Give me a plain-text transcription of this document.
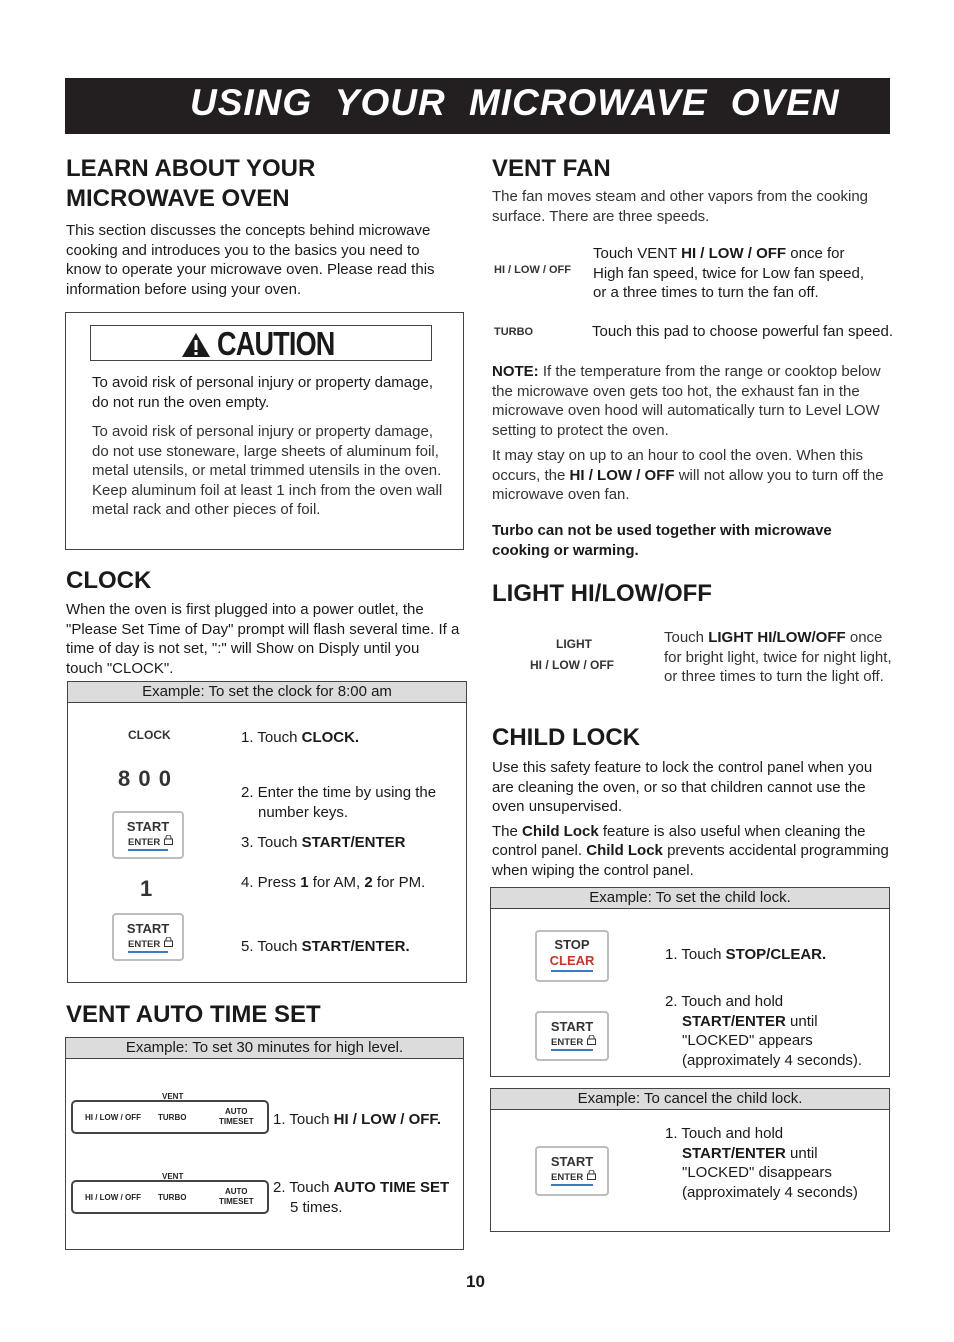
USING YOUR MICROWAVE OVEN
LEARN ABOUT YOUR
MICROWAVE OVEN

This section discusses the concepts behind microwave cooking and introduces you to the basics you need to know to operate your microwave oven. Please read this information before using your oven.

CAUTION

To avoid risk of personal injury or property damage, do not run the oven empty.

To avoid risk of personal injury or property damage, do not use stoneware, large sheets of aluminum foil, metal utensils, or metal trimmed utensils in the oven. Keep aluminum foil at least 1 inch from the oven wall metal rack and other pieces of foil.

CLOCK

When the oven is first plugged into a power outlet, the "Please Set Time of Day" prompt will flash several time. If a time of day is not set, ":" will Show on Disply until you touch "CLOCK".

Example: To set the clock for 8:00 am
CLOCK
8 0 0
START
ENTER
1
START
ENTER
1. Touch CLOCK.
2. Enter the time by using the
number keys.
3. Touch START/ENTER
4. Press 1 for AM, 2 for PM.
5. Touch START/ENTER.
VENT AUTO TIME SET
Example: To set 30 minutes for high level.
VENT
HI / LOW / OFF TURBO
AUTO
TIMESET 1. Touch HI / LOW / OFF.
VENT
HI / LOW / OFF TURBO
AUTO
TIMESET
2. Touch AUTO TIME SET
5 times.
VENT FAN

The fan moves steam and other vapors from the cooking surface. There are three speeds.

HI / LOW / OFF
Touch VENT HI / LOW / OFF once for
High fan speed, twice for Low fan speed,
or a three times to turn the fan off.
TURBO	Touch this pad to choose powerful fan speed.

NOTE: If the temperature from the range or cooktop below the microwave oven gets too hot, the exhaust fan in the microwave oven hood will automatically turn to Level LOW setting to protect the oven.

It may stay on up to an hour to cool the oven. When this occurs, the HI / LOW / OFF will not allow you to turn off the microwave oven fan.

Turbo can not be used together with microwave cooking or warming.

LIGHT HI/LOW/OFF
LIGHT
HI / LOW / OFF

Touch LIGHT HI/LOW/OFF once for bright light, twice for night light, or three times to turn the light off.

CHILD LOCK

Use this safety feature to lock the control panel when you are cleaning the oven, or so that children cannot use the oven unsupervised.

The Child Lock feature is also useful when cleaning the control panel. Child Lock prevents accidental programming when wiping the control panel.

Example: To set the child lock.
STOP
CLEAR	1. Touch STOP/CLEAR.
START
ENTER
2. Touch and hold
START/ENTER until
"LOCKED" appears
(approximately 4 seconds).
Example: To cancel the child lock.
START
ENTER
1. Touch and hold
START/ENTER until
"LOCKED" disappears
(approximately 4 seconds)
10
